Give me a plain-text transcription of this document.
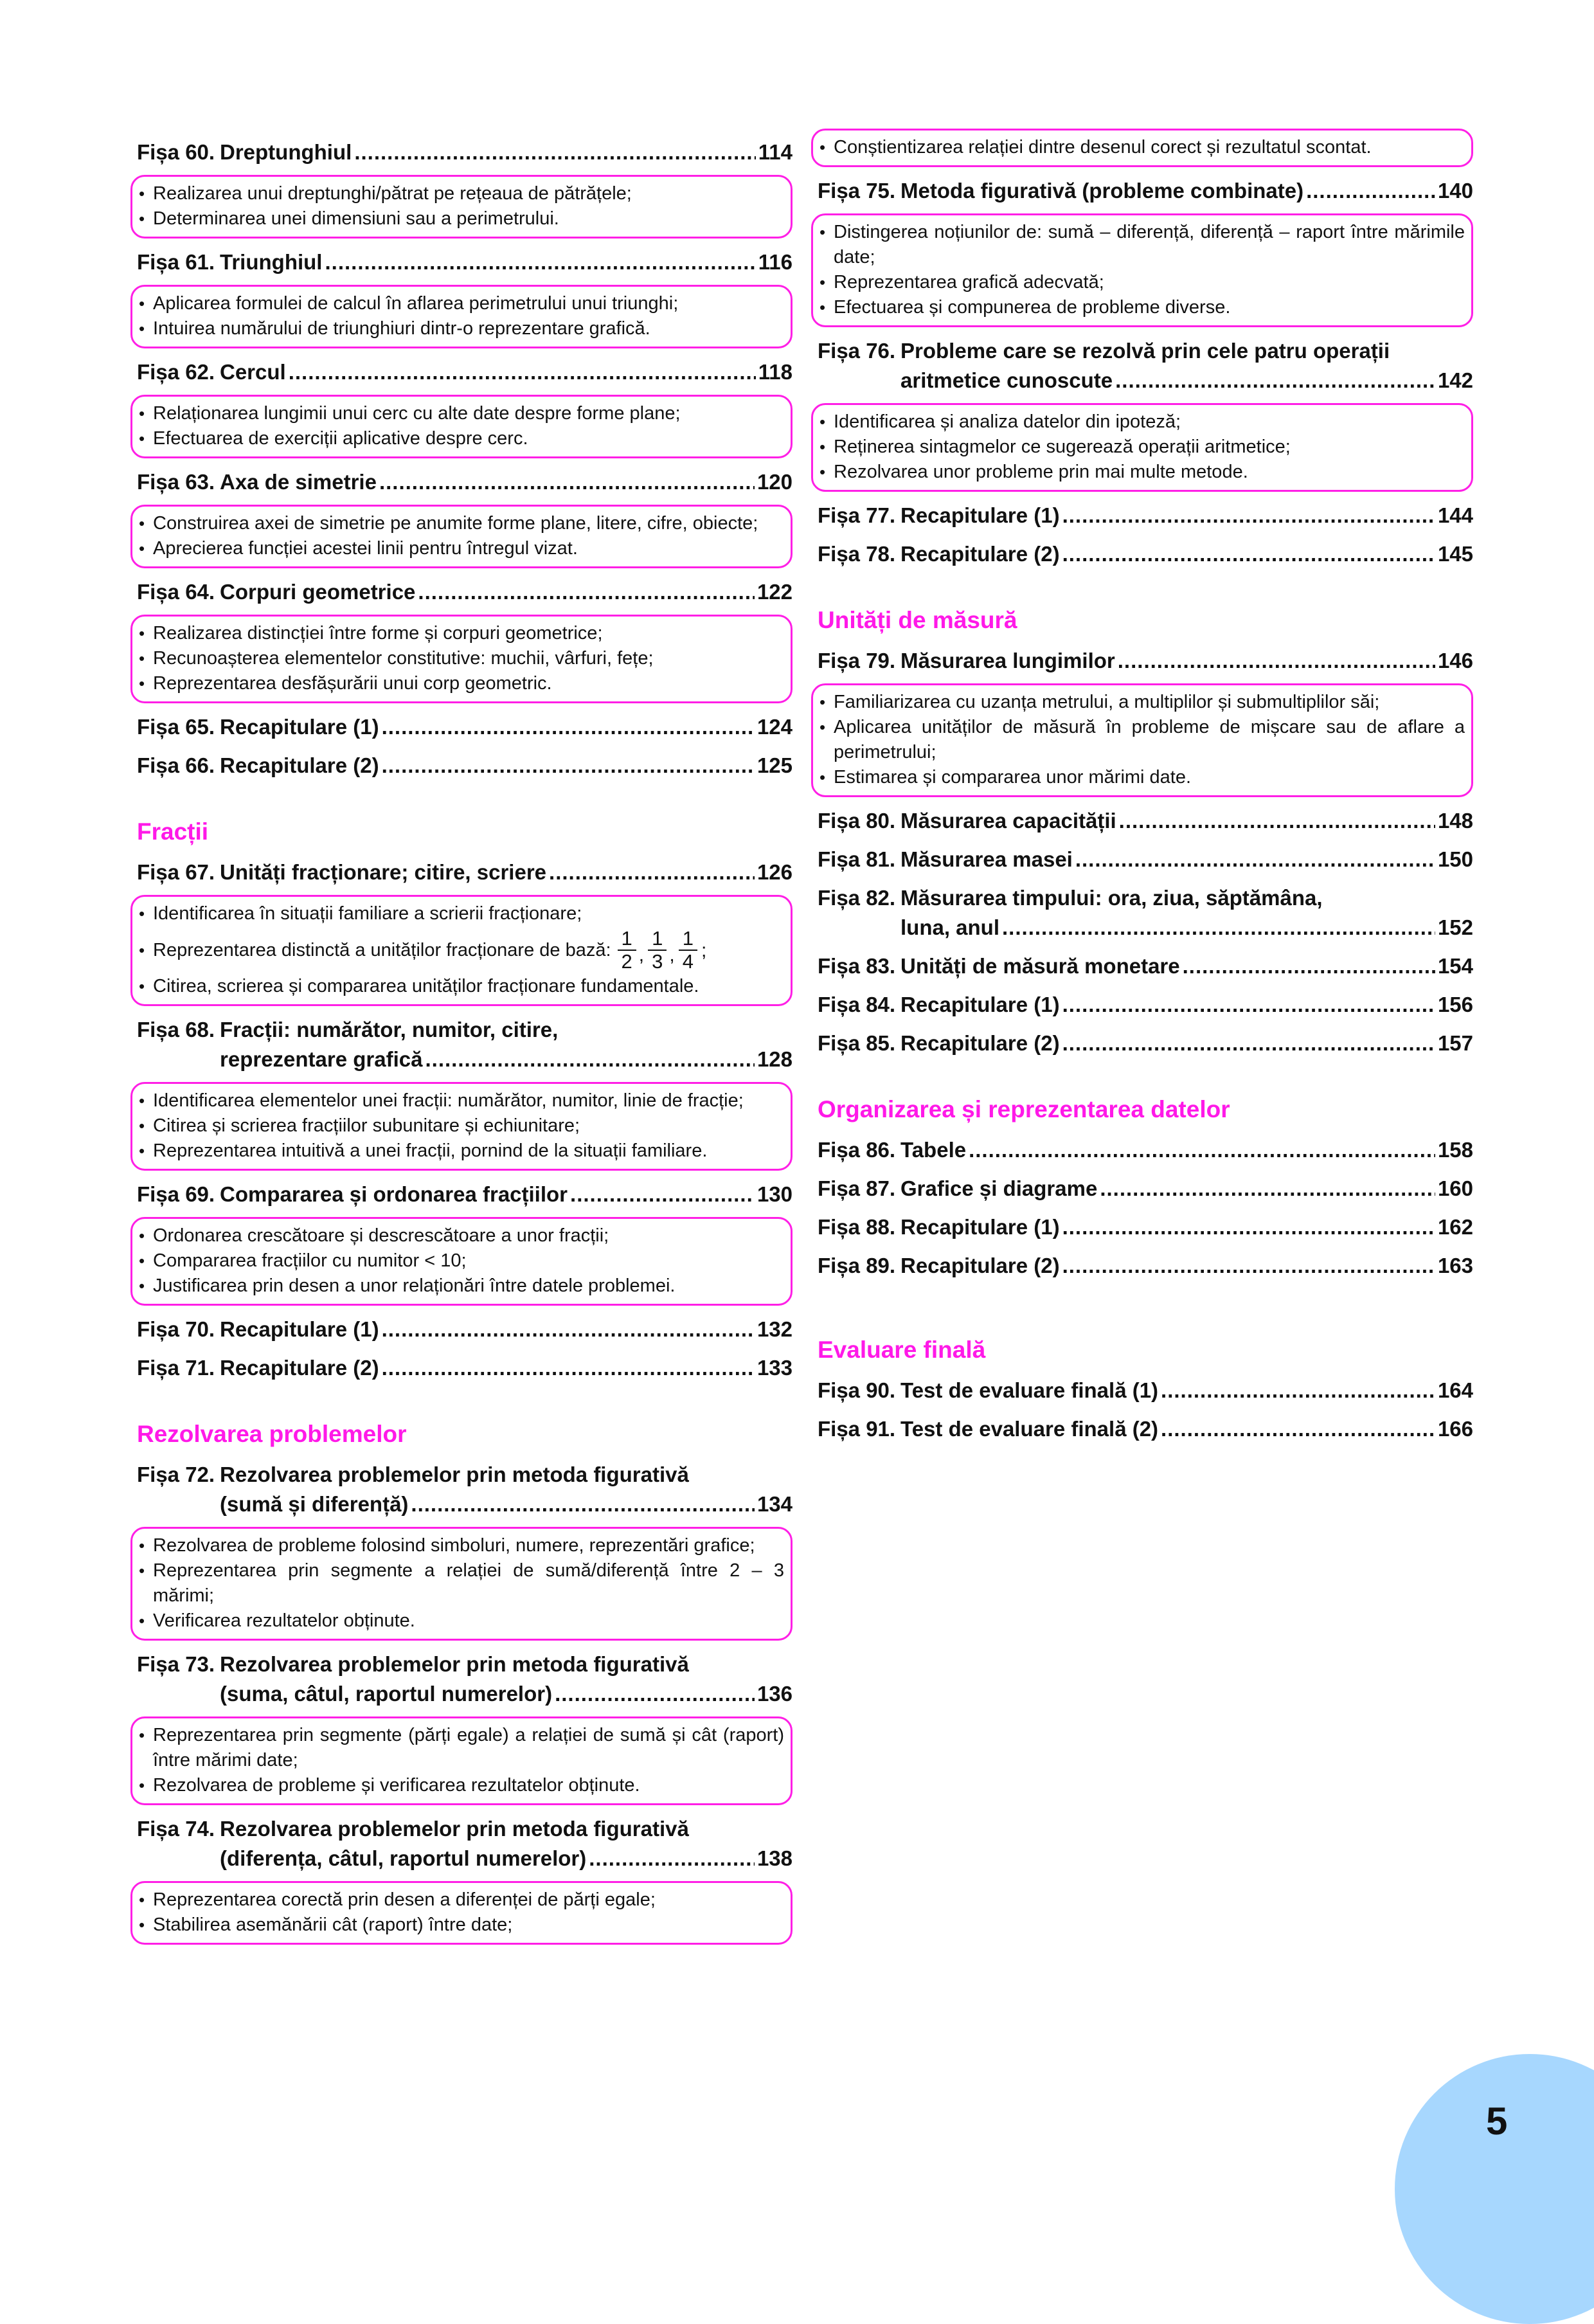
Fișa 60. Dreptunghiul .....	114
• Realizarea unui dreptunghi/pătrat pe rețeaua de pătrățele;
• Determinarea unei dimensiuni sau a perimetrului.
Fișa 61. Triunghiul .....	116
• Aplicarea formulei de calcul în aflarea perimetrului unui triunghi;
• Intuirea numărului de triunghiuri dintr-o reprezentare grafică.
Fișa 62. Cercul .....	118
• Relaționarea lungimii unui cerc cu alte date despre forme plane;
• Efectuarea de exerciții aplicative despre cerc.
Fișa 63. Axa de simetrie .....	120
• Construirea axei de simetrie pe anumite forme plane, litere, cifre, obiecte;
• Aprecierea funcției acestei linii pentru întregul vizat.
Fișa 64. Corpuri geometrice .....	122
• Realizarea distincției între forme și corpuri geometrice;
• Recunoașterea elementelor constitutive: muchii, vârfuri, fețe;
• Reprezentarea desfășurării unui corp geometric.
Fișa 65. Recapitulare (1) .....	124
Fișa 66. Recapitulare (2) .....	125
Fracții
Fișa 67. Unități fracționare; citire, scriere .....	126
• Identificarea în situații familiare a scrierii fracționare;
• Reprezentarea distinctă a unităților fracționare de bază: $\frac{1}{2}$ , $\frac{1}{3}$ , $\frac{1}{4}$ ;
• Citirea, scrierea și compararea unităților fracționare fundamentale.
Fișa 68. Fracții: numărător, numitor, citire,
reprezentare grafică .....	128
• Identificarea elementelor unei fracții: numărător, numitor, linie de fracție;
• Citirea și scrierea fracțiilor subunitare și echiunitare;
• Reprezentarea intuitivă a unei fracții, pornind de la situații familiare.
Fișa 69. Compararea și ordonarea fracțiilor .....	130
• Ordonarea crescătoare și descrescătoare a unor fracții;
• Compararea fracțiilor cu numitor < 10;
• Justificarea prin desen a unor relaționări între datele problemei.
Fișa 70. Recapitulare (1) .....	132
Fișa 71. Recapitulare (2) .....	133
Rezolvarea problemelor
Fișa 72. Rezolvarea problemelor prin metoda figurativă
(sumă și diferență) .....	134
• Rezolvarea de probleme folosind simboluri, numere, reprezentări grafice;
• Reprezentarea prin segmente a relației de sumă/diferență între 2 – 3 mărimi;
• Verificarea rezultatelor obținute.
Fișa 73. Rezolvarea problemelor prin metoda figurativă
(suma, câtul, raportul numerelor) .....	136
• Reprezentarea prin segmente (părți egale) a relației de sumă și cât (raport) între mărimi date;
• Rezolvarea de probleme și verificarea rezultatelor obținute.
Fișa 74. Rezolvarea problemelor prin metoda figurativă
(diferența, câtul, raportul numerelor) .....	138
• Reprezentarea corectă prin desen a diferenței de părți egale;
• Stabilirea asemănării cât (raport) între date;
• Conștientizarea relației dintre desenul corect și rezultatul scontat.
Fișa 75. Metoda figurativă (probleme combinate) .....	140
• Distingerea noțiunilor de: sumă – diferență, diferență – raport între mărimile date;
• Reprezentarea grafică adecvată;
• Efectuarea și compunerea de probleme diverse.
Fișa 76. Probleme care se rezolvă prin cele patru operații
aritmetice cunoscute .....	142
• Identificarea și analiza datelor din ipoteză;
• Reținerea sintagmelor ce sugerează operații aritmetice;
• Rezolvarea unor probleme prin mai multe metode.
Fișa 77. Recapitulare (1) .....	144
Fișa 78. Recapitulare (2) .....	145
Unități de măsură
Fișa 79. Măsurarea lungimilor .....	146
• Familiarizarea cu uzanța metrului, a multiplilor și submultiplilor săi;
• Aplicarea unităților de măsură în probleme de mișcare sau de aflare a perimetrului;
• Estimarea și compararea unor mărimi date.
Fișa 80. Măsurarea capacității .....	148
Fișa 81. Măsurarea masei .....	150
Fișa 82. Măsurarea timpului: ora, ziua, săptămâna,
luna, anul .....	152
Fișa 83. Unități de măsură monetare .....	154
Fișa 84. Recapitulare (1) .....	156
Fișa 85. Recapitulare (2) .....	157
Organizarea și reprezentarea datelor
Fișa 86. Tabele .....	158
Fișa 87. Grafice și diagrame .....	160
Fișa 88. Recapitulare (1) .....	162
Fișa 89. Recapitulare (2) .....	163
Evaluare finală
Fișa 90. Test de evaluare finală (1) .....	164
Fișa 91. Test de evaluare finală (2) .....	166
5
